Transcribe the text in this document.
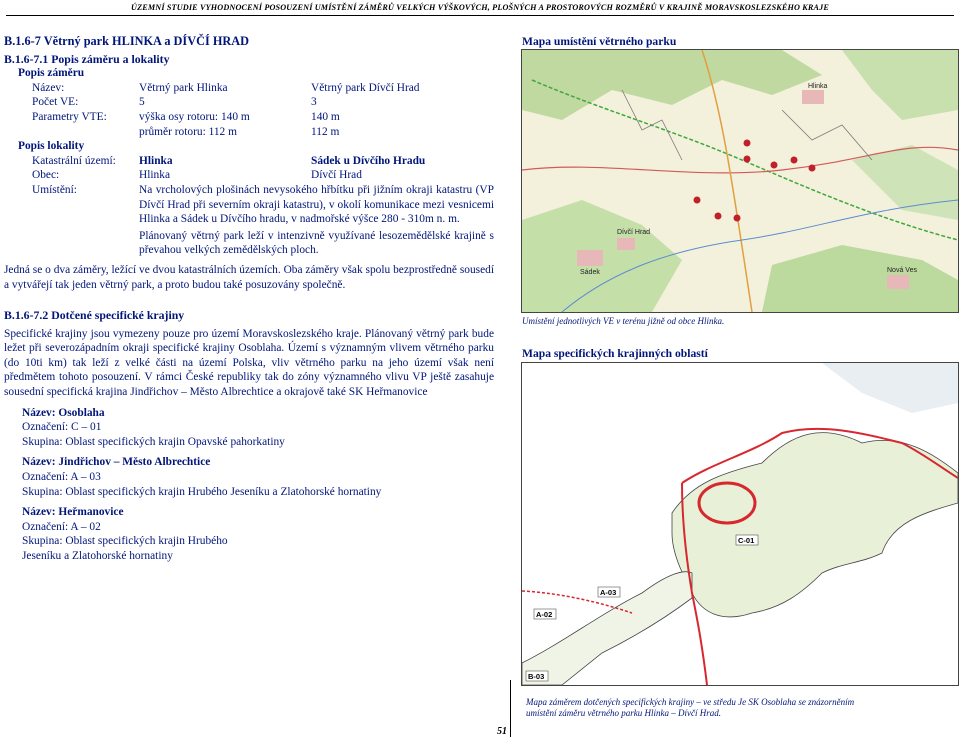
ÚZEMNÍ STUDIE VYHODNOCENÍ POSOUZENÍ UMÍSTĚNÍ ZÁMĚRŮ VELKÝCH VÝŠKOVÝCH, PLOŠNÝCH A PROSTOROVÝCH ROZMĚRŮ V KRAJINĚ MORAVSKOSLEZSKÉHO KRAJE
B.1.6-7 Větrný park HLINKA a DÍVČÍ HRAD
B.1.6-7.1 Popis záměru a lokality
Popis záměru
Název:	Větrný park Hlinka	Větrný park Dívčí Hrad
Počet VE:	5	3
Parametry VTE:	výška osy rotoru: 140 m	140 m
průměr rotoru: 112 m	112 m
Popis lokality
Katastrální území: Hlinka	Sádek u Dívčího Hradu
Obec:	Hlinka	Dívčí Hrad
Umístění:	Na vrcholových plošinách nevysokého hřbítku při jižním okraji katastru (VP Dívčí Hrad při severním okraji katastru), v okolí komunikace mezi vesnicemi Hlinka a Sádek u Dívčího hradu, v nadmořské výšce 280 - 310m n. m.
Plánovaný větrný park leží v intenzivně využívané lesozemědělské krajině s převahou velkých zemědělských ploch.
Jedná se o dva záměry, ležící ve dvou katastrálních územích. Oba záměry však spolu bezprostředně sousedí a vytvářejí tak jeden větrný park, a proto budou také posuzovány společně.
B.1.6-7.2 Dotčené specifické krajiny
Specifické krajiny jsou vymezeny pouze pro území Moravskoslezského kraje. Plánovaný větrný park bude ležet při severozápadním okraji specifické krajiny Osoblaha. Území s významným vlivem větrného parku (do 10ti km) tak leží z velké části na území Polska, vliv větrného parku na jeho území však není předmětem tohoto posouzení. V rámci České republiky tak do zóny významného vlivu VP ještě zasahuje sousední specifická krajina Jindřichov – Město Albrechtice a okrajově také SK Heřmanovice
Název: Osoblaha
Označení: C – 01
Skupina: Oblast specifických krajin Opavské pahorkatiny
Název: Jindřichov – Město Albrechtice
Označení: A – 03
Skupina: Oblast specifických krajin Hrubého Jeseníku a Zlatohorské hornatiny
Název: Heřmanovice
Označení: A – 02
Skupina: Oblast specifických krajin Hrubého
Jeseníku a Zlatohorské hornatiny
Mapa umístění větrného parku
Hlinka
Sádek
Dívčí Hrad
Nová Ves
Umístění jednotlivých VE v terénu jižně od obce Hlinka.
Mapa specifických krajinných oblastí
C-01
A-03
A-02
B-03
Mapa záměrem dotčených specifických krajiny – ve středu Je SK Osoblaha se znázorněním umístění záměru větrného parku Hlinka – Dívčí Hrad.
51
